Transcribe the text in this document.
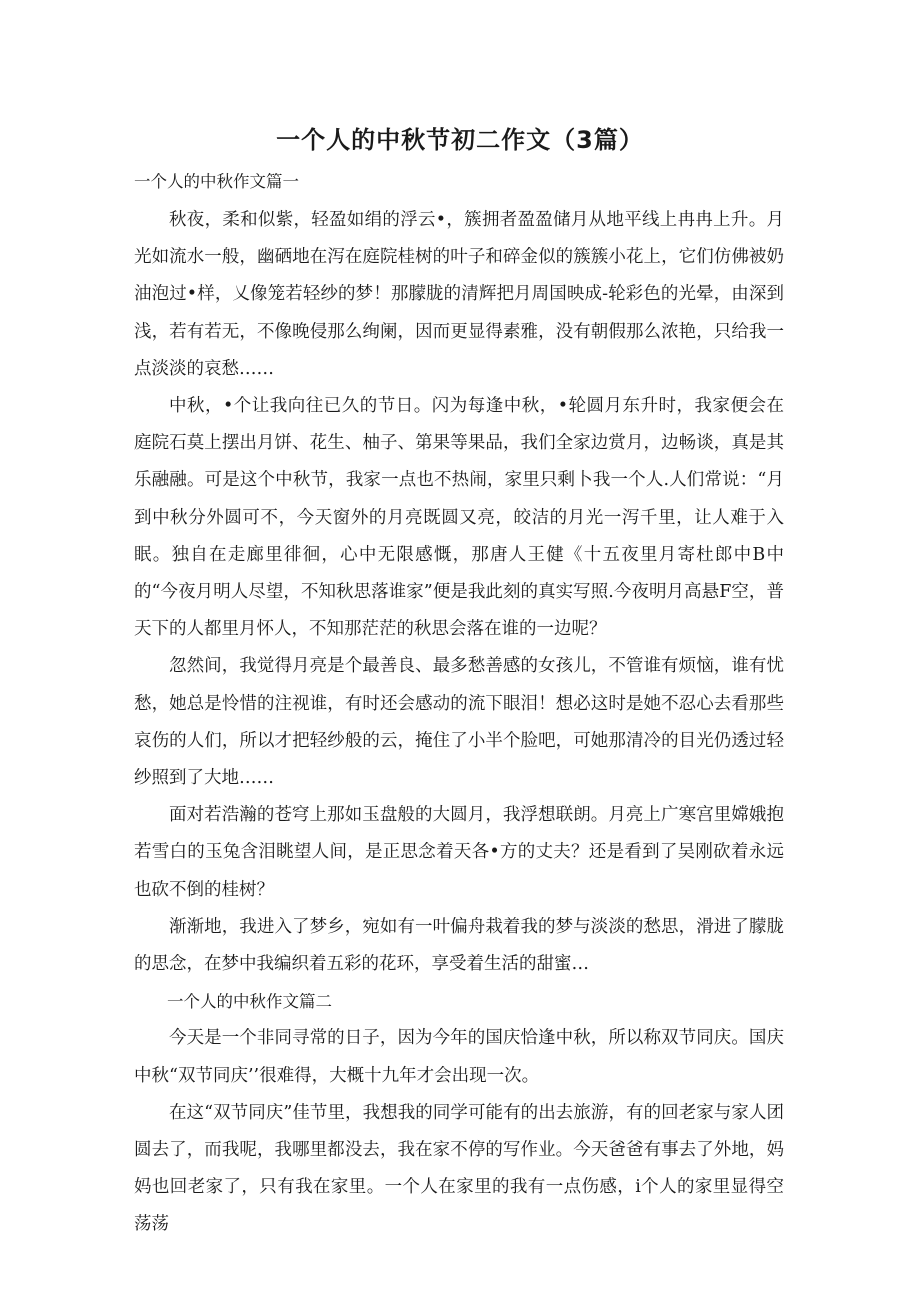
一个人的中秋节初二作文（3篇）
一个人的中秋作文篇一

秋夜，柔和似紫，轻盈如绢的浮云•，簇拥者盈盈储月从地平线上冉冉上升。月光如流水一般，幽硒地在泻在庭院桂树的叶子和碎金似的簇簇小花上，它们仿佛被奶油泡过•样，乂像笼若轻纱的梦！那朦胧的清辉把月周国映成-轮彩色的光晕，由深到浅，若有若无，不像晚侵那么绚阑，因而更显得素雅，没有朝假那么浓艳，只给我一点淡淡的哀愁……

中秋，•个让我向往已久的节日。闪为每逢中秋，•轮圆月东升时，我家便会在庭院石莫上摆出月饼、花生、柚子、第果等果品，我们全家边赏月，边畅谈，真是其乐融融。可是这个中秋节，我家一点也不热闹，家里只剩卜我一个人.人们常说：“月到中秋分外圆可不，今天窗外的月亮既圆又亮，皎洁的月光一泻千里，让人难于入眠。独自在走廊里徘徊，心中无限感慨，那唐人王健《十五夜里月寄杜郎中B中的“今夜月明人尽望，不知秋思落谁家”便是我此刻的真实写照.今夜明月高悬F空，普天下的人都里月怀人，不知那茫茫的秋思会落在谁的一边呢？

忽然间，我觉得月亮是个最善良、最多愁善感的女孩儿，不管谁有烦恼，谁有忧愁，她总是怜惜的注视谁，有时还会感动的流下眼泪！想必这时是她不忍心去看那些哀伤的人们，所以才把轻纱般的云，掩住了小半个脸吧，可她那清冷的目光仍透过轻纱照到了大地……

面对若浩瀚的苍穹上那如玉盘般的大圆月，我浮想联朗。月亮上广寒宫里嫦娥抱若雪白的玉兔含泪眺望人间，是正思念着天各•方的丈夫？还是看到了吴刚砍着永远也砍不倒的桂树？

渐渐地，我进入了梦乡，宛如有一叶偏舟栽着我的梦与淡淡的愁思，滑进了朦胧的思念，在梦中我编织着五彩的花环，享受着生活的甜蜜…

一个人的中秋作文篇二

今天是一个非同寻常的日子，因为今年的国庆恰逢中秋，所以称双节同庆。国庆中秋“双节同庆’’很难得，大概十九年才会出现一次。

在这“双节同庆”佳节里，我想我的同学可能有的出去旅游，有的回老家与家人团圆去了，而我呢，我哪里都没去，我在家不停的写作业。今天爸爸有事去了外地，妈妈也回老家了，只有我在家里。一个人在家里的我有一点伤感，i个人的家里显得空荡荡
